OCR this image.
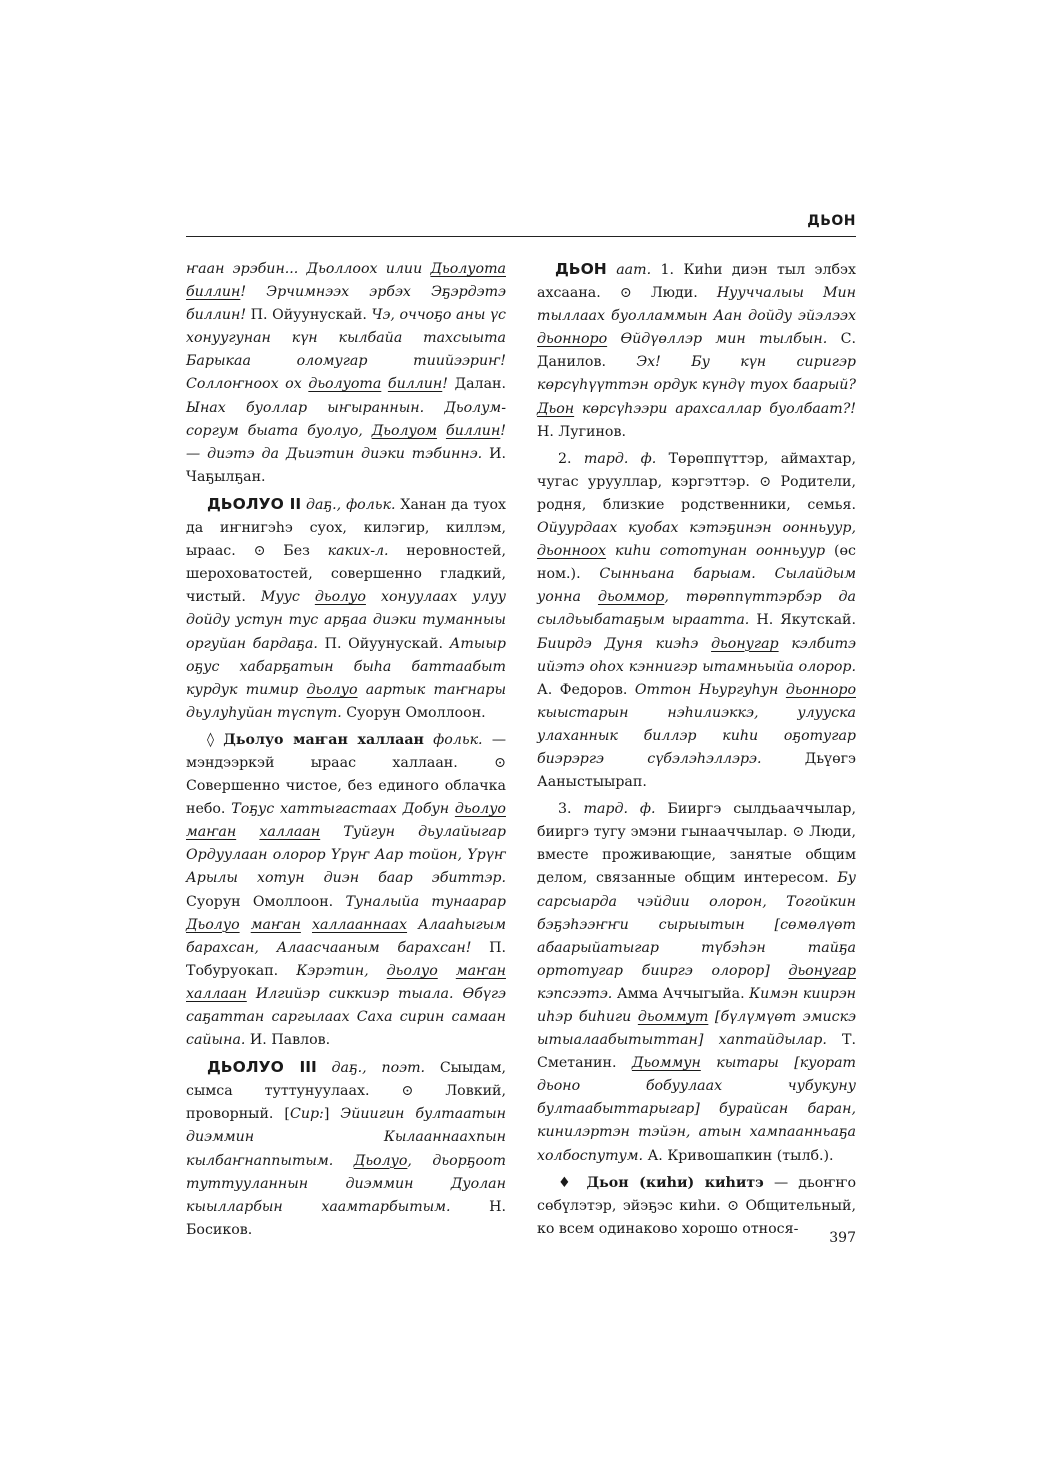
ДЬОН

ҥаан эрэбин... Дьоллоох илии Дьолуота биллин! Эрчимнээх эрбэх Эҕэрдэтэ биллин! П. Ойуунускай. Чэ, оччоҕо аны үс хонуугунан күн кылбайа тахсыыта Барыкаа оломугар тиийээриҥ! Соллоҥноох ох дьолуота биллин! Далан. Ынах буоллар ыҥыраннын. Дьолум-соргум быата буолуо, Дьолуом биллин! — диэтэ да Дьиэтин диэки тэбиннэ. И. Чаҕылҕан.

ДЬОЛУО II даҕ., фольк. Ханан да туох да иҥнигэһэ суох, килэгир, киллэм, ыраас. ⊙ Без каких-л. неровностей, шероховатостей, совершенно гладкий, чистый. Муус дьолуо хонуулаах улуу дойду устун тус арҕаа диэки туманныы оргуйан бардаҕа. П. Ойуунускай. Атыыр оҕус хабарҕатын быһа баттаабыт курдук тимир дьолуо аартык таҥнары дьулуһуйан түспүт. Суорун Омоллоон.

◊ Дьолуо маҥан халлаан фольк. — мэндээркэй ыраас халлаан. ⊙ Совершенно чистое, без единого облачка небо. Тоҕус хаттыгастаах Добун дьолуо маҥан халлаан Туйгун дьулайыгар Ордуулаан олорор Үрүҥ Аар тойон, Үрүҥ Арылы хотун диэн баар эбиттэр. Суорун Омоллоон. Туналыйа тунаарар Дьолуо маҥан халлааннаах Алааһыгым барахсан, Алаасчааным барахсан! П. Тобуруокап. Кэрэтин, дьолуо маҥан халлаан Илгийэр сиккиэр тыала. Өбүгэ саҕаттан саргылаах Саха сирин самаан сайына. И. Павлов.

ДЬОЛУО III даҕ., поэт. Сыыдам, сымса туттунуулаах. ⊙ Ловкий, проворный. [Сир:] Эйиигин бултаатын диэммин Кылааннаахпын кылбаҥнаппытым. Дьолуо, дьорҕоот туттууланнын диэммин Дуолан кыылларбын хаамтарбытым. Н. Босиков.

ДЬОН аат. 1. Киһи диэн тыл элбэх ахсаана. ⊙ Люди. Нууччалыы Мин тыллаах буолламмын Аан дойду эйэлээх дьонноро Өйдүөллэр мин тылбын. С. Данилов. Эх! Бу күн сиригэр көрсүһүүттэн ордук күндү туох баарый? Дьон көрсүһээри арахсаллар буолбаат?! Н. Лугинов.

2. тард. ф. Төрөппүттэр, аймахтар, чугас урууллар, кэргэттэр. ⊙ Родители, родня, близкие родственники, семья. Ойуурдаах куобах кэтэҕинэн оонньуур, дьонноох киһи сототунан оонньуур (өс ном.). Сынньана барыам. Сылайдым уонна дьоммор, төрөппүттэрбэр да сылдьыбатаҕым ыраатта. Н. Якутскай. Биирдэ Дуня киэһэ дьонугар кэлбитэ ийэтэ оһох кэннигэр ытамньыйа олорор. А. Федоров. Оттон Ньургуһун дьонноро кыыстарын нэһилиэккэ, улууска улаханнык биллэр киһи оҕотугар биэрэргэ сүбэлэһэллэрэ. Дьүөгэ Ааныстыырап.

3. тард. ф. Бииргэ сылдьааччылар, бииргэ тугу эмэни гынааччылар. ⊙ Люди, вместе проживающие, занятые общим делом, связанные общим интересом. Бу сарсыарда чэйдии олорон, Тогойкин бэҕэһээҥҥи сырыытын [сөмөлүөт абаарыйатыгар түбэһэн тайҕа ортотугар бииргэ олорор] дьонугар кэпсээтэ. Амма Аччыгыйа. Кимэн киирэн иһэр биһиги дьоммут [бүлүмүөт эмискэ ытыалаабытыттан] хаптайдылар. Т. Сметанин. Дьоммун кытары [куорат дьоно бобуулаах чубукуну бултаабыттарыгар] бурайсан баран, кинилэртэн тэйэн, атын хампаанньаҕа холбоспутум. А. Кривошапкин (тылб.).

♦ Дьон (киһи) киһитэ — дьоҥҥо сөбүлэтэр, эйэҕэс киһи. ⊙ Общительный, ко всем одинаково хорошо относя-

397
